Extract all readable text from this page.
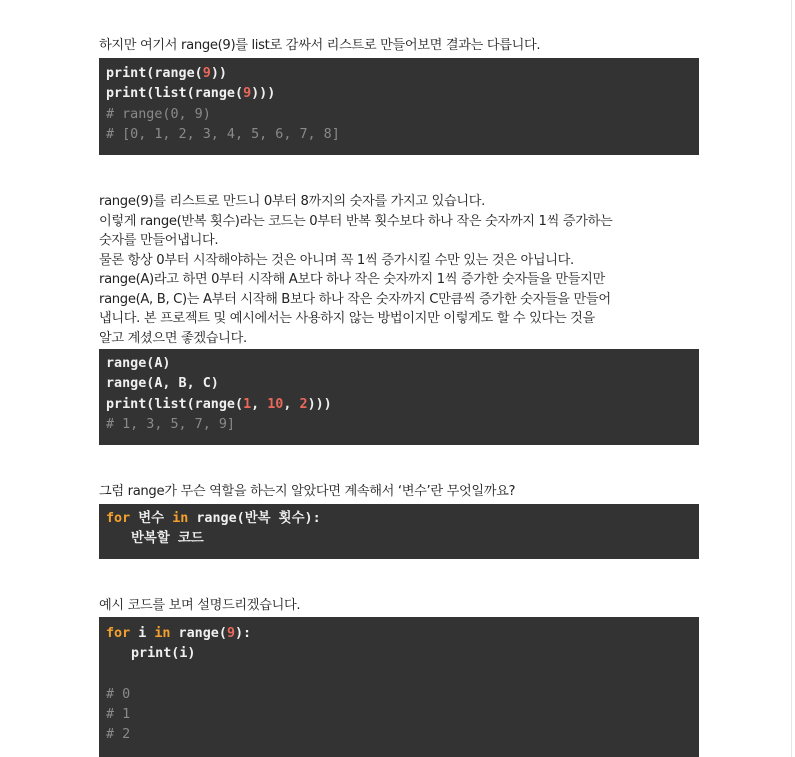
하지만 여기서 range(9)를 list로 감싸서 리스트로 만들어보면 결과는 다릅니다.
print(range(9))
print(list(range(9)))
# range(0, 9)
# [0, 1, 2, 3, 4, 5, 6, 7, 8]
range(9)를 리스트로 만드니 0부터 8까지의 숫자를 가지고 있습니다.
이렇게 range(반복 횟수)라는 코드는 0부터 반복 횟수보다 하나 작은 숫자까지 1씩 증가하는
숫자를 만들어냅니다.
물론 항상 0부터 시작해야하는 것은 아니며 꼭 1씩 증가시킬 수만 있는 것은 아닙니다.
range(A)라고 하면 0부터 시작해 A보다 하나 작은 숫자까지 1씩 증가한 숫자들을 만들지만
range(A, B, C)는 A부터 시작해 B보다 하나 작은 숫자까지 C만큼씩 증가한 숫자들을 만들어
냅니다. 본 프로젝트 및 예시에서는 사용하지 않는 방법이지만 이렇게도 할 수 있다는 것을
알고 계셨으면 좋겠습니다.
range(A)
range(A, B, C)
print(list(range(1, 10, 2)))
# 1, 3, 5, 7, 9]
그럼 range가 무슨 역할을 하는지 알았다면 계속해서 ‘변수’란 무엇일까요?
for 변수 in range(반복 횟수):
반복할 코드
예시 코드를 보며 설명드리겠습니다.
for i in range(9):
print(i)
# 0
# 1
# 2
